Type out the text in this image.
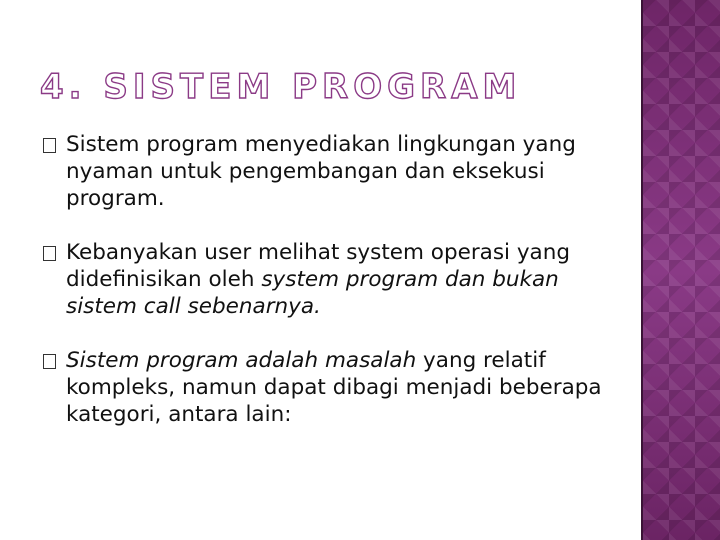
4. SISTEM PROGRAM
Sistem program menyediakan lingkungan yang nyaman untuk pengembangan dan eksekusi program.
Kebanyakan user melihat system operasi yang didefinisikan oleh system program dan bukan sistem call sebenarnya.
Sistem program adalah masalah yang relatif kompleks, namun dapat dibagi menjadi beberapa kategori, antara lain:
